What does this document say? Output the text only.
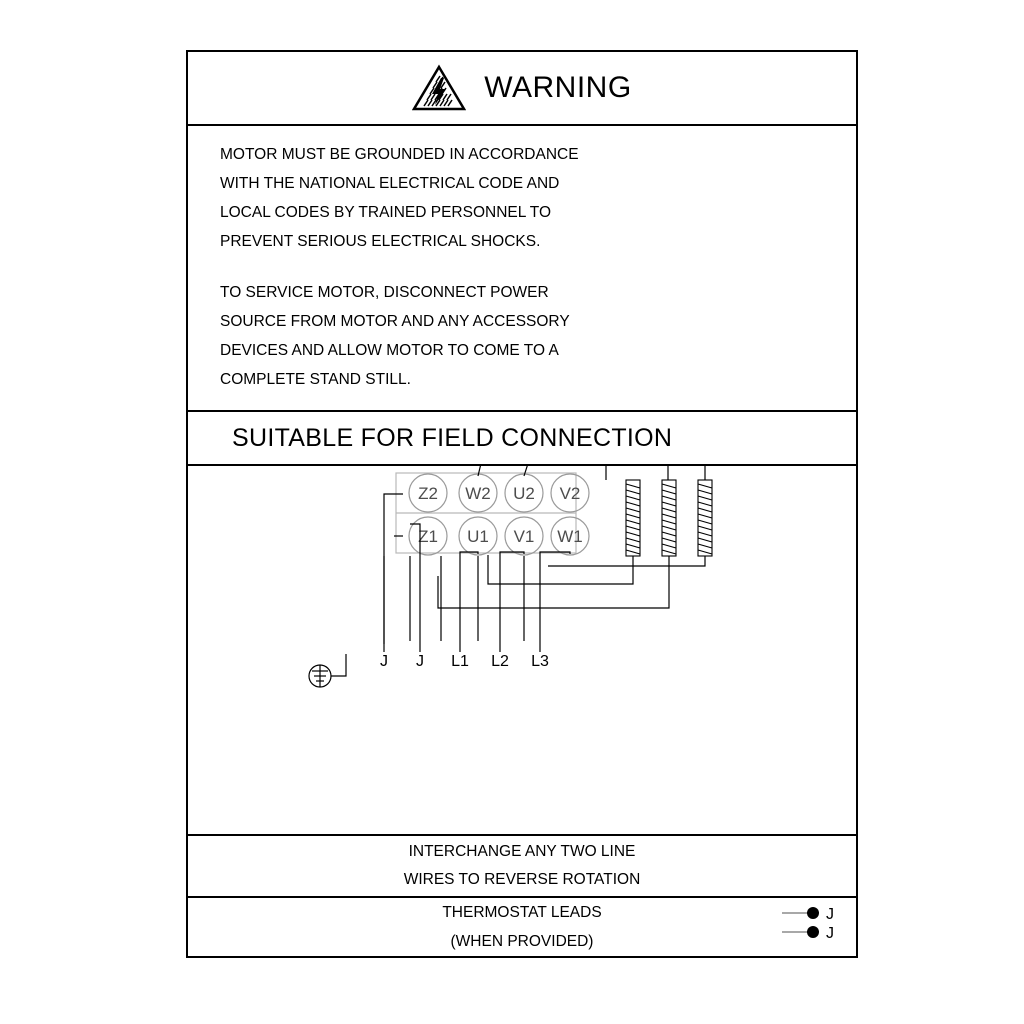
WARNING

MOTOR MUST BE GROUNDED IN ACCORDANCE

WITH THE NATIONAL ELECTRICAL CODE AND

LOCAL CODES BY TRAINED PERSONNEL TO

PREVENT SERIOUS ELECTRICAL SHOCKS.

TO SERVICE MOTOR, DISCONNECT POWER

SOURCE FROM MOTOR AND ANY ACCESSORY

DEVICES AND ALLOW MOTOR TO COME TO A

COMPLETE STAND STILL.

SUITABLE FOR FIELD CONNECTION
Z2 W2 U2 V2
Z1 U1 V1 W1
J J L1 L2 L3
INTERCHANGE ANY TWO LINE
WIRES TO REVERSE ROTATION
THERMOSTAT LEADS
(WHEN PROVIDED)
J
J
